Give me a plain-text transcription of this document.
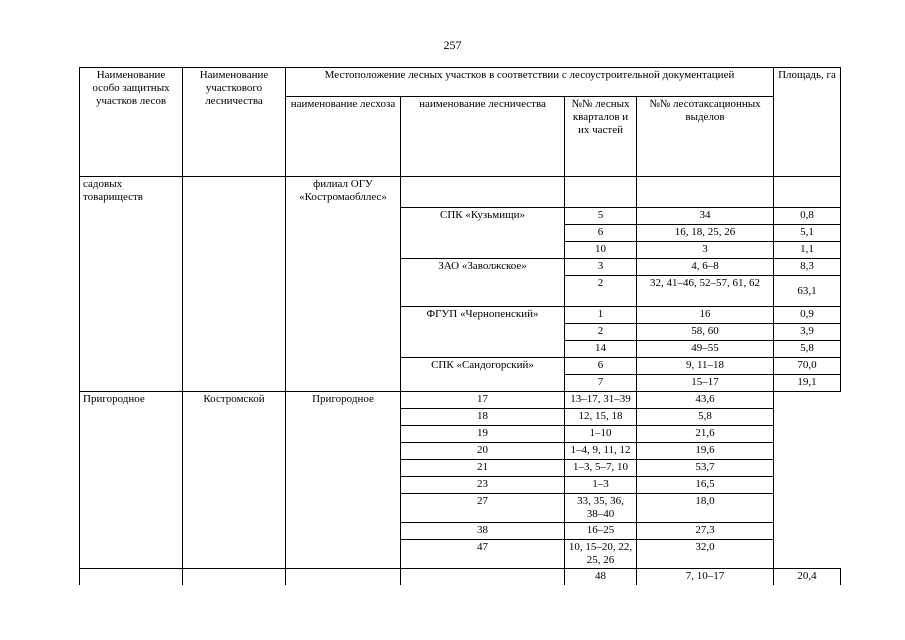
257
Наименование особо защитных участков лесов	Наименование участкового лесничества	Местоположение лесных участков в соответствии с лесоустроительной документацией				Площадь, га
		наименование лесхоза	наименование лесничества	№№ лесных кварталов и их частей	№№ лесотаксационных выделов	
садовых товариществ		филиал ОГУ «Костромаобллес»				
			СПК «Кузьмищи»	5	34	0,8
				6	16, 18, 25, 26	5,1
				10	3	1,1
			ЗАО «Заволжское»	3	4, 6–8	8,3
				2	32, 41–46, 52–57, 61, 62	63,1
			ФГУП «Чернопенский»	1	16	0,9
				2	58, 60	3,9
				14	49–55	5,8
			СПК «Сандогорский»	6	9, 11–18	70,0
				7	15–17	19,1
Пригородное	Костромской	Пригородное	17	13–17, 31–39	43,6	
			18	12, 15, 18	5,8	
			19	1–10	21,6	
			20	1–4, 9, 11, 12	19,6	
			21	1–3, 5–7, 10	53,7	
			23	1–3	16,5	
			27	33, 35, 36, 38–40	18,0	
			38	16–25	27,3	
			47	10, 15–20, 22, 25, 26	32,0	
				48	7, 10–17	20,4
